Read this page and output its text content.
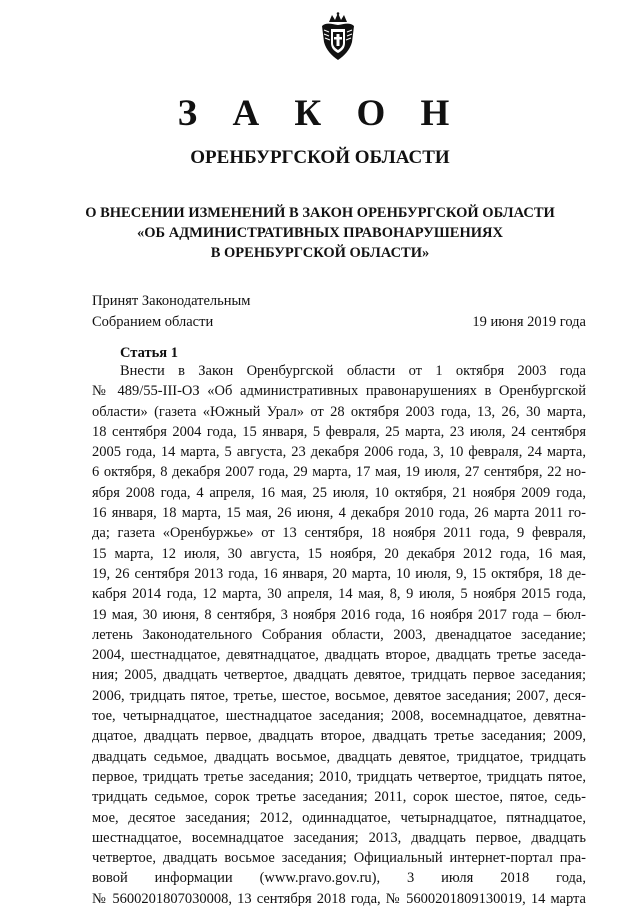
З А К О Н
ОРЕНБУРГСКОЙ ОБЛАСТИ
О ВНЕСЕНИИ ИЗМЕНЕНИЙ В ЗАКОН ОРЕНБУРГСКОЙ ОБЛАСТИ
«ОБ АДМИНИСТРАТИВНЫХ ПРАВОНАРУШЕНИЯХ
В ОРЕНБУРГСКОЙ ОБЛАСТИ»
Принят Законодательным
Собранием области	19 июня 2019 года
Статья 1
Внести в Закон Оренбургской области от 1 октября 2003 года
№ 489/55-III-ОЗ «Об административных правонарушениях в Оренбургской
области» (газета «Южный Урал» от 28 октября 2003 года, 13, 26, 30 марта,
18 сентября 2004 года, 15 января, 5 февраля, 25 марта, 23 июля, 24 сентября
2005 года, 14 марта, 5 августа, 23 декабря 2006 года, 3, 10 февраля, 24 марта,
6 октября, 8 декабря 2007 года, 29 марта, 17 мая, 19 июля, 27 сентября, 22 но-
ября 2008 года, 4 апреля, 16 мая, 25 июля, 10 октября, 21 ноября 2009 года,
16 января, 18 марта, 15 мая, 26 июня, 4 декабря 2010 года, 26 марта 2011 го-
да; газета «Оренбуржье» от 13 сентября, 18 ноября 2011 года, 9 февраля,
15 марта, 12 июля, 30 августа, 15 ноября, 20 декабря 2012 года, 16 мая,
19, 26 сентября 2013 года, 16 января, 20 марта, 10 июля, 9, 15 октября, 18 де-
кабря 2014 года, 12 марта, 30 апреля, 14 мая, 8, 9 июля, 5 ноября 2015 года,
19 мая, 30 июня, 8 сентября, 3 ноября 2016 года, 16 ноября 2017 года – бюл-
летень Законодательного Собрания области, 2003, двенадцатое заседание;
2004, шестнадцатое, девятнадцатое, двадцать второе, двадцать третье заседа-
ния; 2005, двадцать четвертое, двадцать девятое, тридцать первое заседания;
2006, тридцать пятое, третье, шестое, восьмое, девятое заседания; 2007, деся-
тое, четырнадцатое, шестнадцатое заседания; 2008, восемнадцатое, девятна-
дцатое, двадцать первое, двадцать второе, двадцать третье заседания; 2009,
двадцать седьмое, двадцать восьмое, двадцать девятое, тридцатое, тридцать
первое, тридцать третье заседания; 2010, тридцать четвертое, тридцать пятое,
тридцать седьмое, сорок третье заседания; 2011, сорок шестое, пятое, седь-
мое, десятое заседания; 2012, одиннадцатое, четырнадцатое, пятнадцатое,
шестнадцатое, восемнадцатое заседания; 2013, двадцать первое, двадцать
четвертое, двадцать восьмое заседания; Официальный интернет-портал пра-
вовой информации (www.pravo.gov.ru), 3 июля 2018 года,
№ 5600201807030008, 13 сентября 2018 года, № 5600201809130019, 14 марта
